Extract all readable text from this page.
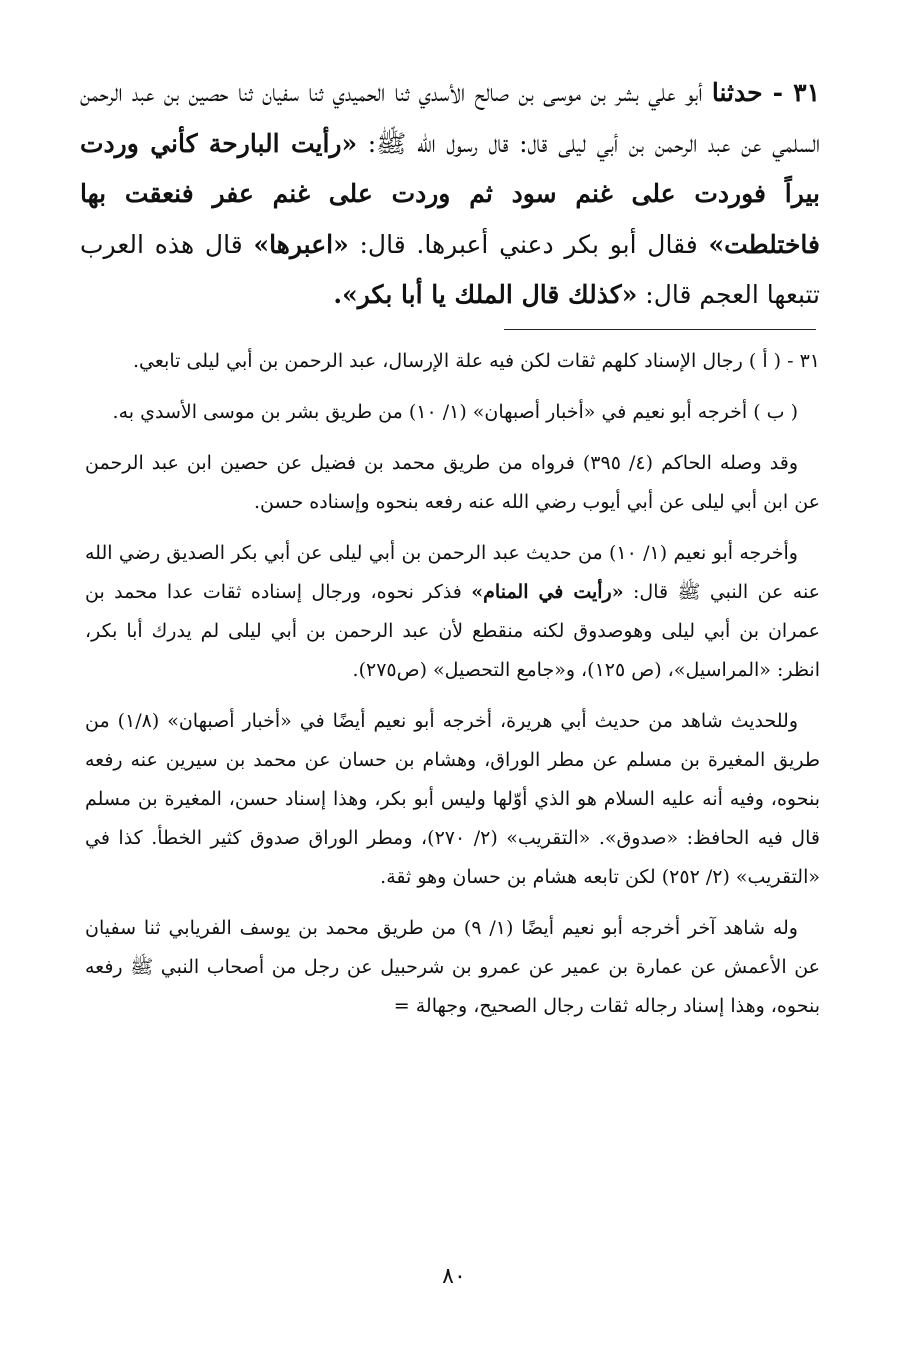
٣١ - حدثنا أبو علي بشر بن موسى بن صالح الأسدي ثنا الحميدي ثنا سفيان ثنا حصين بن عبد الرحمن السلمي عن عبد الرحمن بن أبي ليلى قال: قال رسول الله ﷺ: «رأيت البارحة كأني وردت بيراً فوردت على غنم سود ثم وردت على غنم عفر فنعقت بها فاختلطت» فقال أبو بكر دعني أعبرها. قال: «اعبرها» قال هذه العرب تتبعها العجم قال: «كذلك قال الملك يا أبا بكر».

٣١ - ( أ ) رجال الإسناد كلهم ثقات لكن فيه علة الإرسال، عبد الرحمن بن أبي ليلى تابعي.

( ب ) أخرجه أبو نعيم في «أخبار أصبهان» (١/ ١٠) من طريق بشر بن موسى الأسدي به.

وقد وصله الحاكم (٤/ ٣٩٥) فرواه من طريق محمد بن فضيل عن حصين ابن عبد الرحمن عن ابن أبي ليلى عن أبي أيوب رضي الله عنه رفعه بنحوه وإسناده حسن.

وأخرجه أبو نعيم (١/ ١٠) من حديث عبد الرحمن بن أبي ليلى عن أبي بكر الصديق رضي الله عنه عن النبي ﷺ قال: «رأيت في المنام» فذكر نحوه، ورجال إسناده ثقات عدا محمد بن عمران بن أبي ليلى وهوصدوق لكنه منقطع لأن عبد الرحمن بن أبي ليلى لم يدرك أبا بكر، انظر: «المراسيل»، (ص ١٢٥)، و«جامع التحصيل» (ص٢٧٥).

وللحديث شاهد من حديث أبي هريرة، أخرجه أبو نعيم أيضًا في «أخبار أصبهان» (١/٨) من طريق المغيرة بن مسلم عن مطر الوراق، وهشام بن حسان عن محمد بن سيرين عنه رفعه بنحوه، وفيه أنه عليه السلام هو الذي أوّلها وليس أبو بكر، وهذا إسناد حسن، المغيرة بن مسلم قال فيه الحافظ: «صدوق». «التقريب» (٢/ ٢٧٠)، ومطر الوراق صدوق كثير الخطأ. كذا في «التقريب» (٢/ ٢٥٢) لكن تابعه هشام بن حسان وهو ثقة.

وله شاهد آخر أخرجه أبو نعيم أيضًا (١/ ٩) من طريق محمد بن يوسف الفريابي ثنا سفيان عن الأعمش عن عمارة بن عمير عن عمرو بن شرحبيل عن رجل من أصحاب النبي ﷺ رفعه بنحوه، وهذا إسناد رجاله ثقات رجال الصحيح، وجهالة =

٨٠
